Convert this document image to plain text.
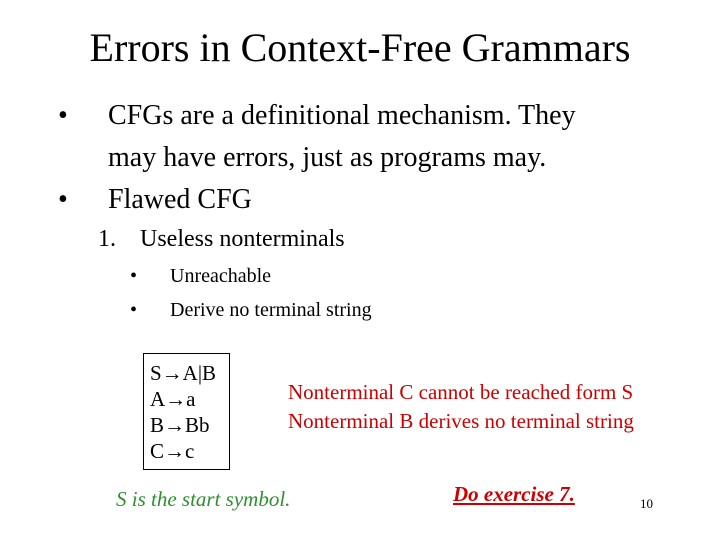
Errors in Context-Free Grammars
• CFGs are a definitional mechanism. They
may have errors, just as programs may.
• Flawed CFG
1. Useless nonterminals
• Unreachable
• Derive no terminal string
S→A|B
A→a
B→Bb
C→c
Nonterminal C cannot be reached form S
Nonterminal B derives no terminal string
S is the start symbol.	Do exercise 7.	10
